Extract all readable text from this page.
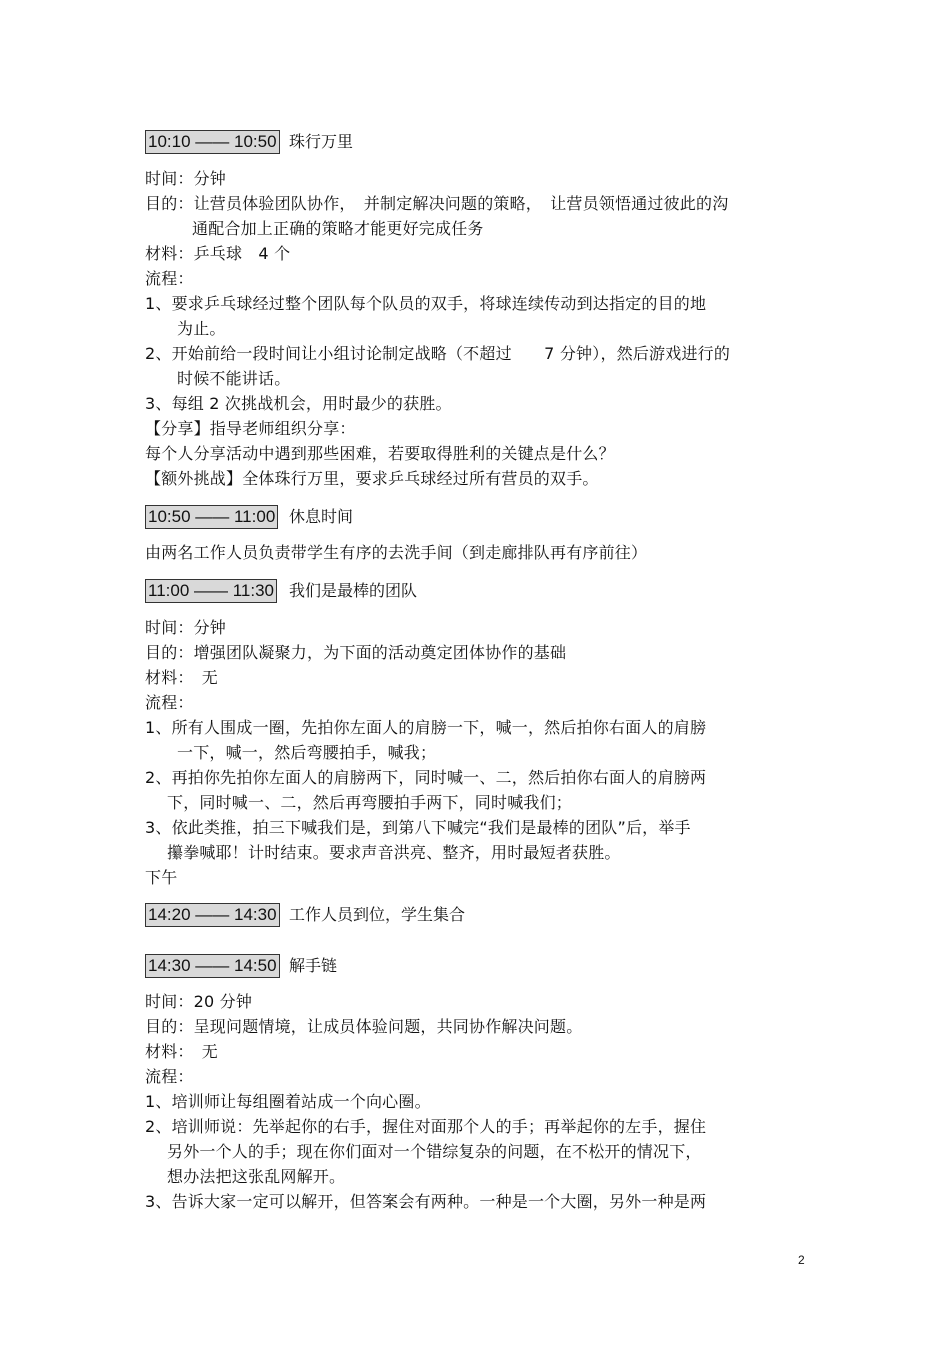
10:10 —— 10:50 珠行万里
时间：分钟
目的：让营员体验团队协作，　并制定解决问题的策略，　让营员领悟通过彼此的沟
通配合加上正确的策略才能更好完成任务
材料：乒乓球　4 个
流程：
1、要求乒乓球经过整个团队每个队员的双手，将球连续传动到达指定的目的地
为止。
2、开始前给一段时间让小组讨论制定战略（不超过　　7 分钟），然后游戏进行的
时候不能讲话。
3、每组 2 次挑战机会，用时最少的获胜。
【分享】指导老师组织分享：
每个人分享活动中遇到那些困难，若要取得胜利的关键点是什么？
【额外挑战】全体珠行万里，要求乒乓球经过所有营员的双手。
10:50 —— 11:00 休息时间
由两名工作人员负责带学生有序的去洗手间（到走廊排队再有序前往）
11:00 —— 11:30 我们是最棒的团队
时间：分钟
目的：增强团队凝聚力，为下面的活动奠定团体协作的基础
材料：　无
流程：
1、所有人围成一圈，先拍你左面人的肩膀一下，喊一，然后拍你右面人的肩膀
一下，喊一，然后弯腰拍手，喊我；
2、再拍你先拍你左面人的肩膀两下，同时喊一、二，然后拍你右面人的肩膀两
下，同时喊一、二，然后再弯腰拍手两下，同时喊我们；
3、依此类推，拍三下喊我们是，到第八下喊完“我们是最棒的团队”后，举手
攥拳喊耶！计时结束。要求声音洪亮、整齐，用时最短者获胜。
下午
14:20 —— 14:30 工作人员到位，学生集合
14:30 —— 14:50 解手链
时间：20 分钟
目的：呈现问题情境，让成员体验问题，共同协作解决问题。
材料：　无
流程：
1、培训师让每组圈着站成一个向心圈。
2、培训师说：先举起你的右手，握住对面那个人的手；再举起你的左手，握住
另外一个人的手；现在你们面对一个错综复杂的问题，在不松开的情况下，
想办法把这张乱网解开。
3、告诉大家一定可以解开，但答案会有两种。一种是一个大圈，另外一种是两
2
